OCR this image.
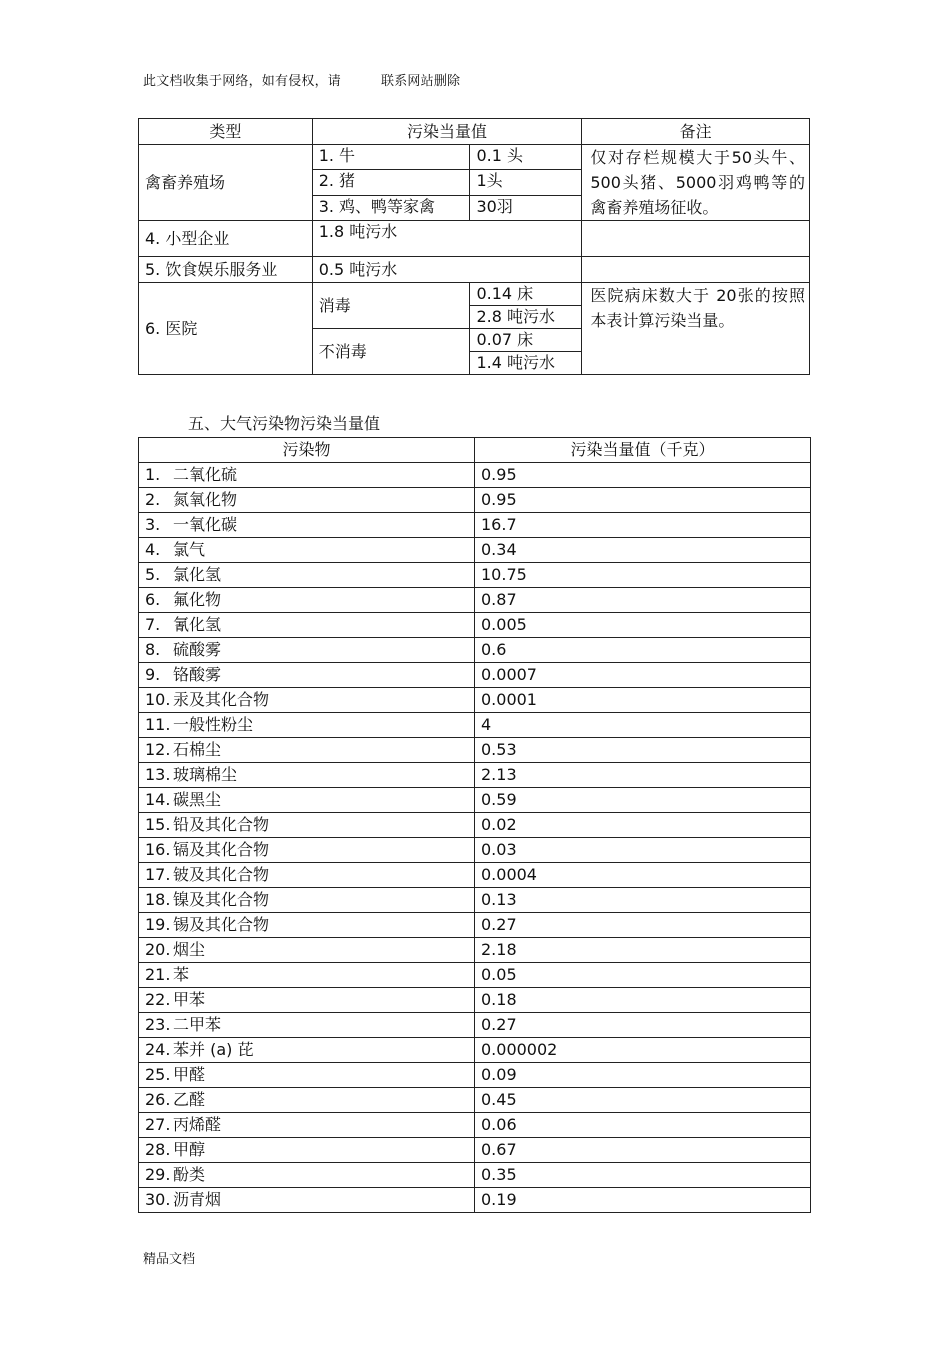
此文档收集于网络，如有侵权，请	联系网站删除
类型	污染当量值		备注
禽畜养殖场	1. 牛	0.1 头	仅对存栏规模大于50头牛、500头猪、5000羽鸡鸭等的禽畜养殖场征收。
	2. 猪	1头	
	3. 鸡、鸭等家禽	30羽	
4. 小型企业	1.8 吨污水		
5. 饮食娱乐服务业	0.5 吨污水		
6. 医院	消毒	0.14 床	医院病床数大于 20张的按照本表计算污染当量。
		2.8 吨污水	
	不消毒	0.07 床	
		1.4 吨污水	
五、大气污染物污染当量值
污染物	污染当量值（千克）
1. 二氧化硫	0.95
2. 氮氧化物	0.95
3. 一氧化碳	16.7
4. 氯气	0.34
5. 氯化氢	10.75
6. 氟化物	0.87
7. 氰化氢	0.005
8. 硫酸雾	0.6
9. 铬酸雾	0.0007
10. 汞及其化合物	0.0001
11. 一般性粉尘	4
12. 石棉尘	0.53
13. 玻璃棉尘	2.13
14. 碳黑尘	0.59
15. 铅及其化合物	0.02
16. 镉及其化合物	0.03
17. 铍及其化合物	0.0004
18. 镍及其化合物	0.13
19. 锡及其化合物	0.27
20. 烟尘	2.18
21. 苯	0.05
22. 甲苯	0.18
23. 二甲苯	0.27
24. 苯并 (a) 芘	0.000002
25. 甲醛	0.09
26. 乙醛	0.45
27. 丙烯醛	0.06
28. 甲醇	0.67
29. 酚类	0.35
30. 沥青烟	0.19
精品文档
